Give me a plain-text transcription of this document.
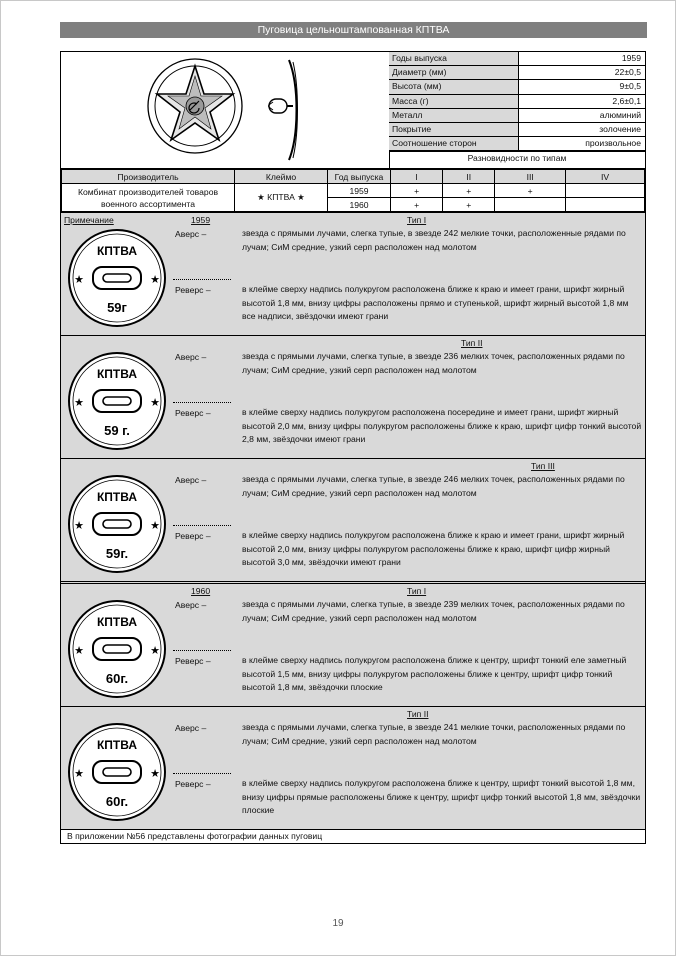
Пуговица цельноштампованная КПТВА
Годы выпуска	1959
Диаметр (мм)	22±0,5
Высота (мм)	9±0,5
Масса (г)	2,6±0,1
Металл	алюминий
Покрытие	золочение
Соотношение сторон	произвольное
Разновидности по типам
Производитель	Клеймо	Год выпуска	I	II	III	IV
Комбинат производителей товаров военного ассортимента	★ КПТВА ★	1959	+	+	+	
		1960	+	+		
Примечание	1959	Тип I
КПТВА
★	★
59г
Аверс –	звезда с прямыми лучами, слегка тупые, в звезде 242 мелкие точки, расположенные рядами по лучам; СиМ средние, узкий серп расположен над молотом
Реверс –	в клейме сверху надпись полукругом расположена ближе к краю и имеет грани, шрифт жирный высотой 1,8 мм, внизу цифры расположены прямо и ступенькой, шрифт жирный высотой 1,8 мм все надписи, звёздочки имеют грани
Тип II
КПТВА
★	★
59 г.
Аверс –	звезда с прямыми лучами, слегка тупые, в звезде 236 мелких точек, расположенных рядами по лучам; СиМ средние, узкий серп расположен над молотом
Реверс –	в клейме сверху надпись полукругом расположена посередине и имеет грани, шрифт жирный высотой 2,0 мм, внизу цифры полукругом расположены ближе к краю, шрифт цифр тонкий высотой 2,8 мм, звёздочки имеют грани
Тип III
КПТВА
★	★
59г.
Аверс –	звезда с прямыми лучами, слегка тупые, в звезде 246 мелких точек, расположенных рядами по лучам; СиМ средние, узкий серп расположен над молотом
Реверс –	в клейме сверху надпись полукругом расположена ближе к краю и имеет грани, шрифт жирный высотой 2,0 мм, внизу цифры полукругом расположены ближе к краю, шрифт цифр жирный высотой 3,0 мм, звёздочки имеют грани
1960	Тип I
КПТВА
★	★
60г.
Аверс –	звезда с прямыми лучами, слегка тупые, в звезде 239 мелких точек, расположенных рядами по лучам; СиМ средние, узкий серп расположен над молотом
Реверс –	в клейме сверху надпись полукругом расположена ближе к центру, шрифт тонкий еле заметный высотой 1,5 мм, внизу цифры полукругом расположены ближе к центру, шрифт цифр тонкий высотой 1,8 мм, звёздочки плоские
Тип II
КПТВА
★	★
60г.
Аверс –	звезда с прямыми лучами, слегка тупые, в звезде 241 мелкие точки, расположенных рядами по лучам; СиМ средние, узкий серп расположен над молотом
Реверс –	в клейме сверху надпись полукругом расположена ближе к центру, шрифт тонкий высотой 1,8 мм, внизу цифры прямые расположены ближе к центру, шрифт цифр тонкий высотой 1,8 мм, звёздочки плоские
В приложении №56 представлены фотографии данных пуговиц
19
